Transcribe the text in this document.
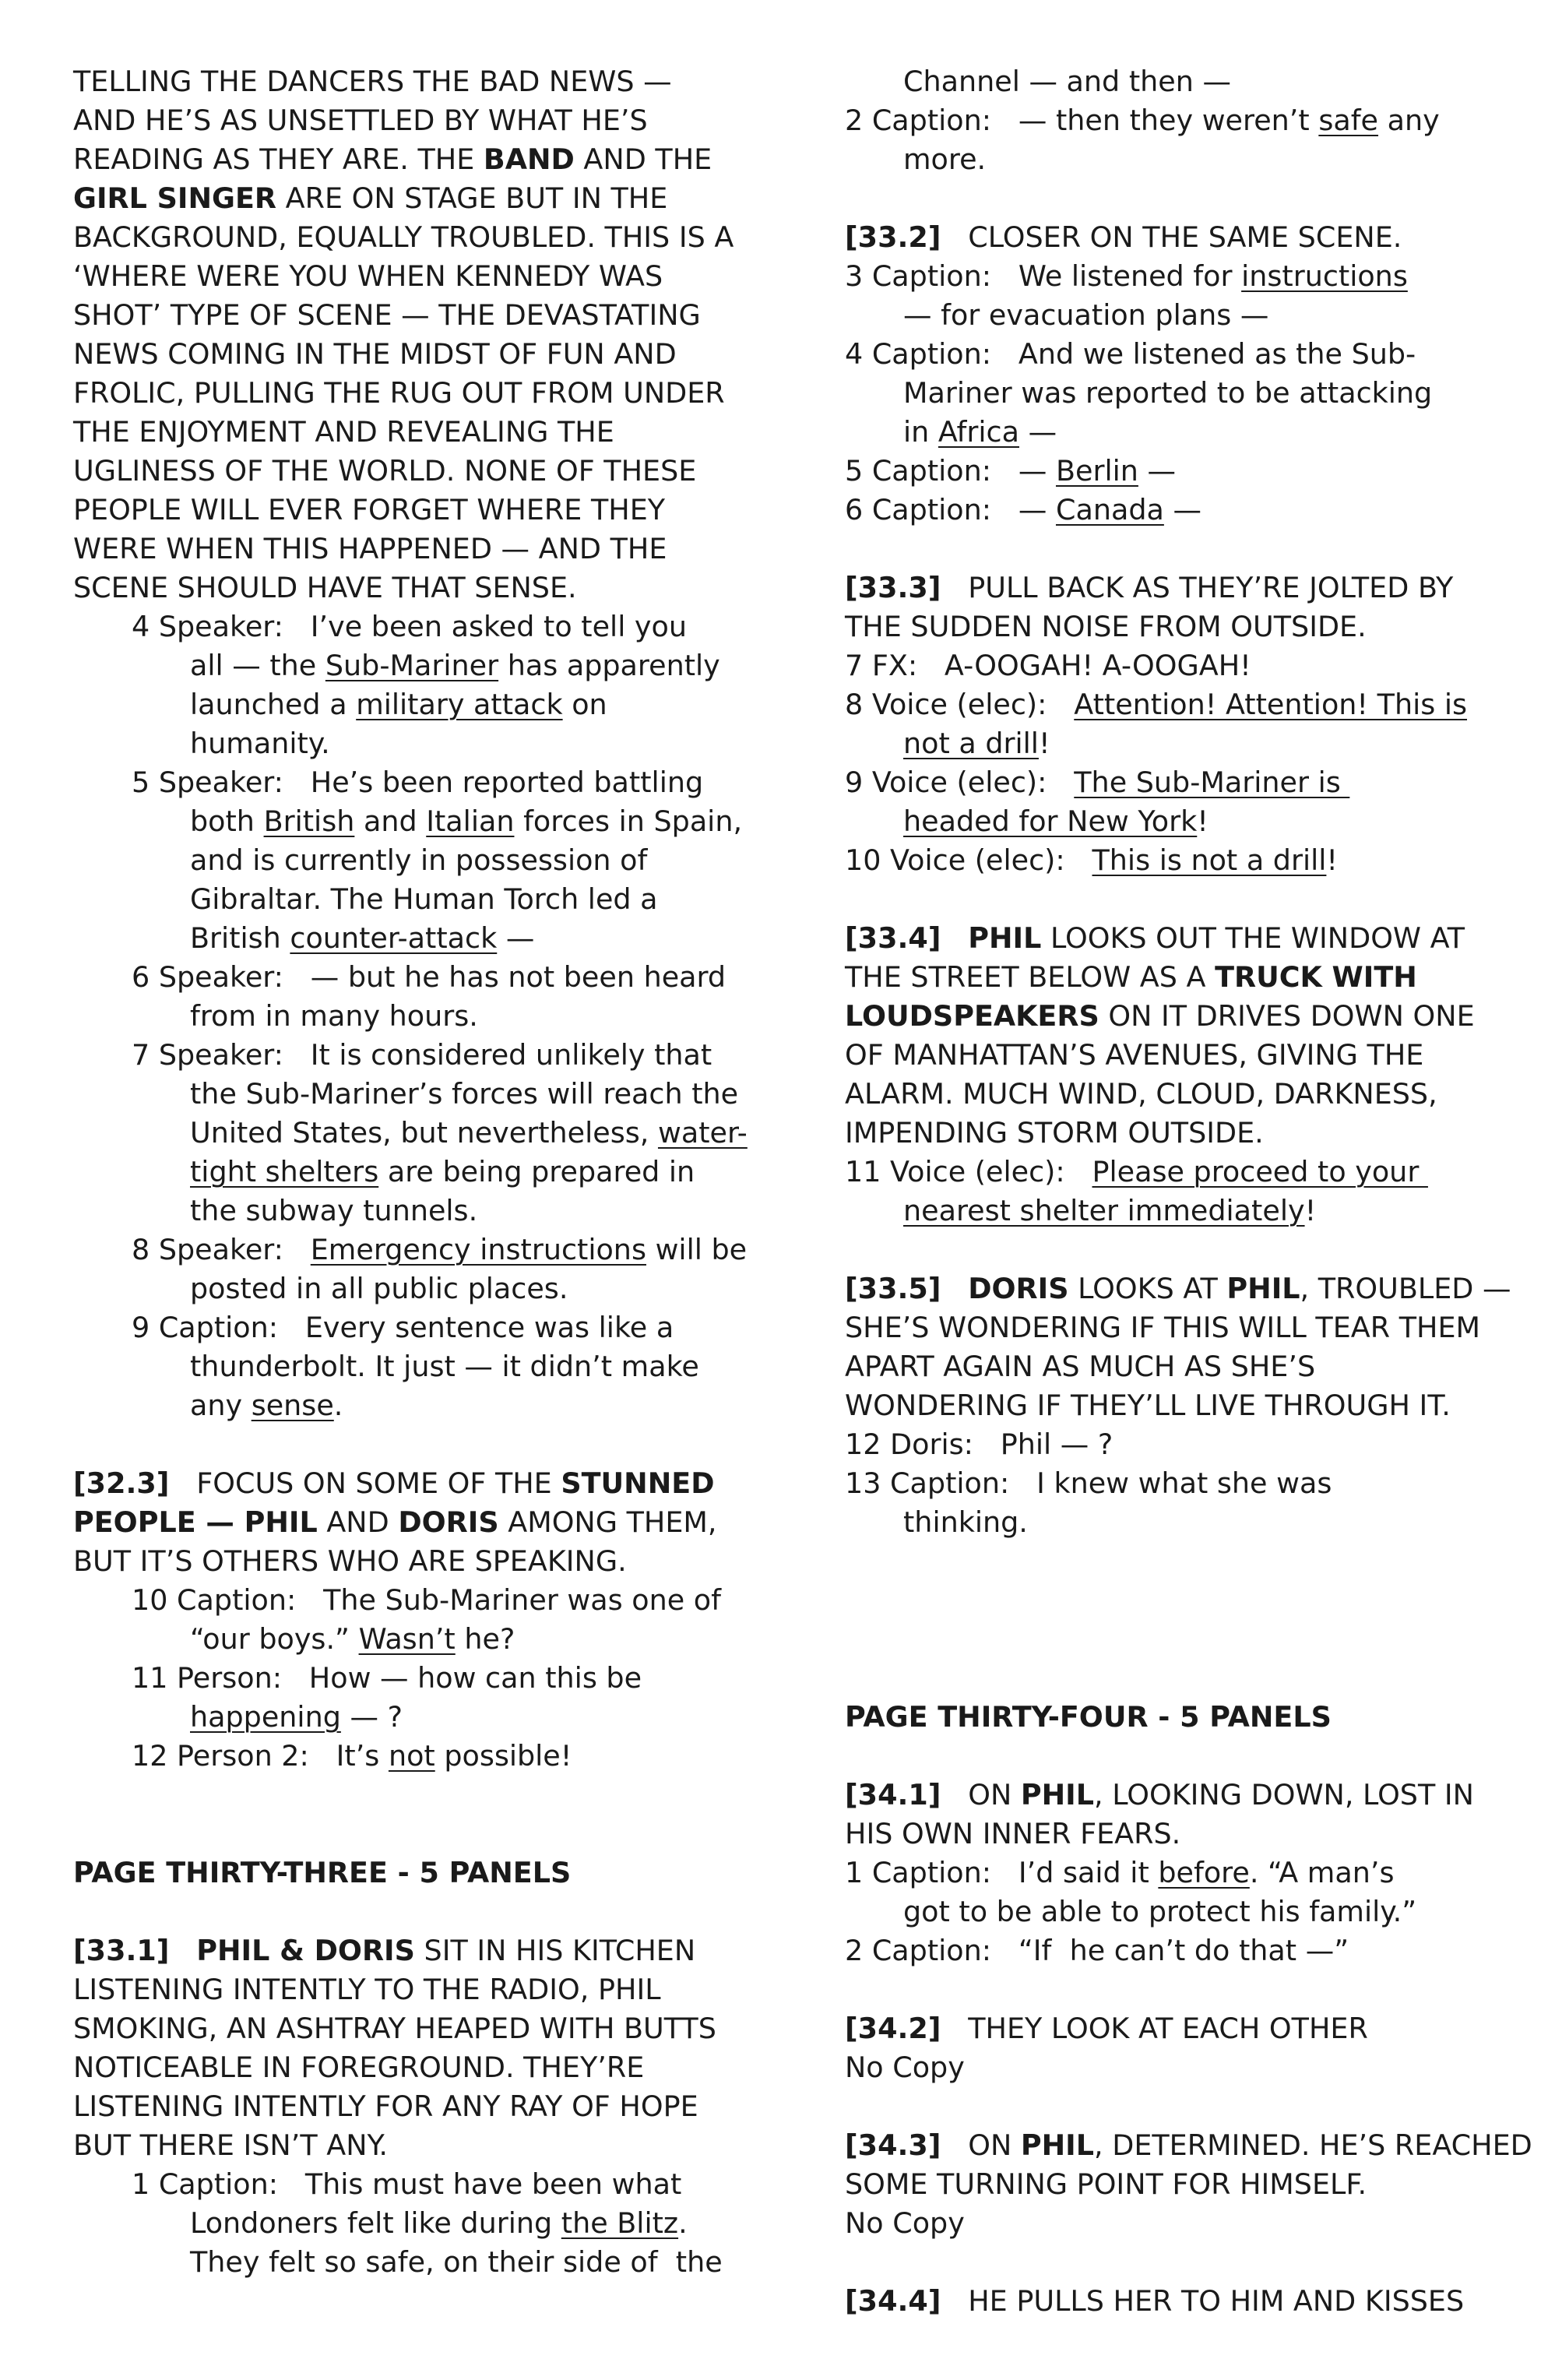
TELLING THE DANCERS THE BAD NEWS —
AND HE’S AS UNSETTLED BY WHAT HE’S
READING AS THEY ARE. THE BAND AND THE
GIRL SINGER ARE ON STAGE BUT IN THE
BACKGROUND, EQUALLY TROUBLED. THIS IS A
‘WHERE WERE YOU WHEN KENNEDY WAS
SHOT’ TYPE OF SCENE — THE DEVASTATING
NEWS COMING IN THE MIDST OF FUN AND
FROLIC, PULLING THE RUG OUT FROM UNDER
THE ENJOYMENT AND REVEALING THE
UGLINESS OF THE WORLD. NONE OF THESE
PEOPLE WILL EVER FORGET WHERE THEY
WERE WHEN THIS HAPPENED — AND THE
SCENE SHOULD HAVE THAT SENSE.
4 Speaker:   I’ve been asked to tell you
all — the Sub-Mariner has apparently
launched a military attack on
humanity.
5 Speaker:   He’s been reported battling
both British and Italian forces in Spain,
and is currently in possession of
Gibraltar. The Human Torch led a
British counter-attack —
6 Speaker:   — but he has not been heard
from in many hours.
7 Speaker:   It is considered unlikely that
the Sub-Mariner’s forces will reach the
United States, but nevertheless, water-
tight shelters are being prepared in
the subway tunnels.
8 Speaker:   Emergency instructions will be
posted in all public places.
9 Caption:   Every sentence was like a
thunderbolt. It just — it didn’t make
any sense.
[32.3]   FOCUS ON SOME OF THE STUNNED
PEOPLE — PHIL AND DORIS AMONG THEM,
BUT IT’S OTHERS WHO ARE SPEAKING.
10 Caption:   The Sub-Mariner was one of
“our boys.” Wasn’t he?
11 Person:   How — how can this be
happening — ?
12 Person 2:   It’s not possible!
PAGE THIRTY-THREE - 5 PANELS
[33.1] PHIL & DORIS SIT IN HIS KITCHEN
LISTENING INTENTLY TO THE RADIO, PHIL
SMOKING, AN ASHTRAY HEAPED WITH BUTTS
NOTICEABLE IN FOREGROUND. THEY’RE
LISTENING INTENTLY FOR ANY RAY OF HOPE
BUT THERE ISN’T ANY.
1 Caption:   This must have been what
Londoners felt like during the Blitz.
They felt so safe, on their side of  the
Channel — and then —
2 Caption:   — then they weren’t safe any
more.
[33.2]   CLOSER ON THE SAME SCENE.
3 Caption:   We listened for instructions
— for evacuation plans —
4 Caption:   And we listened as the Sub-
Mariner was reported to be attacking
in Africa —
5 Caption:   — Berlin —
6 Caption:   — Canada —
[33.3]   PULL BACK AS THEY’RE JOLTED BY
THE SUDDEN NOISE FROM OUTSIDE.
7 FX:   A-OOGAH! A-OOGAH!
8 Voice (elec):   Attention! Attention! This is
not a drill!
9 Voice (elec):   The Sub-Mariner is
headed for New York!
10 Voice (elec):   This is not a drill!
[33.4] PHIL LOOKS OUT THE WINDOW AT
THE STREET BELOW AS A TRUCK WITH
LOUDSPEAKERS ON IT DRIVES DOWN ONE
OF MANHATTAN’S AVENUES, GIVING THE
ALARM. MUCH WIND, CLOUD, DARKNESS,
IMPENDING STORM OUTSIDE.
11 Voice (elec):   Please proceed to your
nearest shelter immediately!
[33.5] DORIS LOOKS AT PHIL, TROUBLED —
SHE’S WONDERING IF THIS WILL TEAR THEM
APART AGAIN AS MUCH AS SHE’S
WONDERING IF THEY’LL LIVE THROUGH IT.
12 Doris:   Phil — ?
13 Caption:   I knew what she was
thinking.
PAGE THIRTY-FOUR - 5 PANELS
[34.1]   ON PHIL, LOOKING DOWN, LOST IN
HIS OWN INNER FEARS.
1 Caption:   I’d said it before. “A man’s
got to be able to protect his family.”
2 Caption:   “If  he can’t do that —”
[34.2]   THEY LOOK AT EACH OTHER
No Copy
[34.3]   ON PHIL, DETERMINED. HE’S REACHED
SOME TURNING POINT FOR HIMSELF.
No Copy
[34.4]   HE PULLS HER TO HIM AND KISSES
